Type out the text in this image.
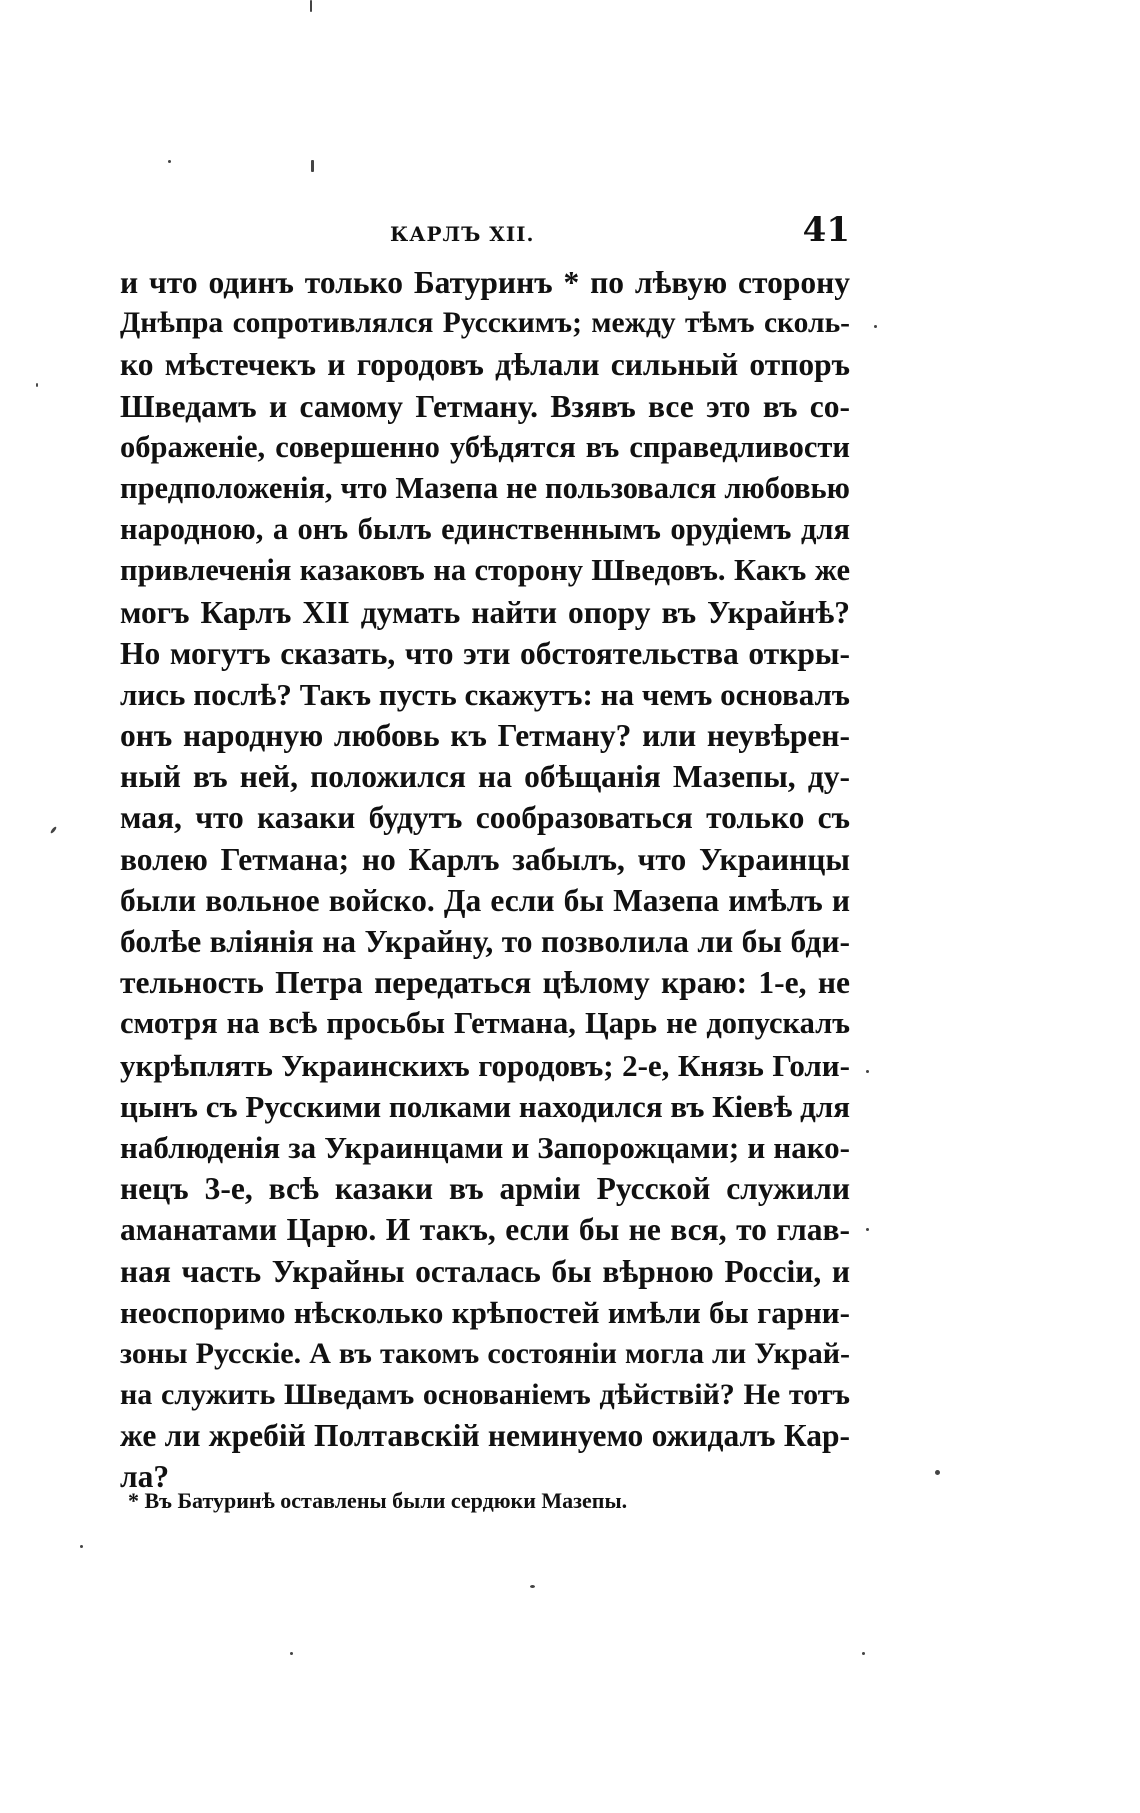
КАРЛЪ XII.	41
и что одинъ только Батуринъ * по лѣвую сторону
Днѣпра сопротивлялся Русскимъ; между тѣмъ сколь-
ко мѣстечекъ и городовъ дѣлали сильный отпоръ
Шведамъ и самому Гетману. Взявъ все это въ со-
ображеніе, совершенно убѣдятся въ справедливости
предположенія, что Мазепа не пользовался любовью
народною, а онъ былъ единственнымъ орудіемъ для
привлеченія казаковъ на сторону Шведовъ. Какъ же
могъ Карлъ XII думать найти опору въ Украйнѣ?
Но могутъ сказать, что эти обстоятельства откры-
лись послѣ? Такъ пусть скажутъ: на чемъ основалъ
онъ народную любовь къ Гетману? или неувѣрен-
ный въ ней, положился на обѣщанія Мазепы, ду-
мая, что казаки будутъ сообразоваться только съ
волею Гетмана; но Карлъ забылъ, что Украинцы
были вольное войско. Да если бы Мазепа имѣлъ и
болѣе вліянія на Украйну, то позволила ли бы бди-
тельность Петра передаться цѣлому краю: 1-е, не
смотря на всѣ просьбы Гетмана, Царь не допускалъ
укрѣплять Украинскихъ городовъ; 2-е, Князь Голи-
цынъ съ Русскими полками находился въ Кіевѣ для
наблюденія за Украинцами и Запорожцами; и нако-
нецъ 3-е, всѣ казаки въ арміи Русской служили
аманатами Царю. И такъ, если бы не вся, то глав-
ная часть Украйны осталась бы вѣрною Россіи, и
неоспоримо нѣсколько крѣпостей имѣли бы гарни-
зоны Русскіе. А въ такомъ состояніи могла ли Украй-
на служить Шведамъ основаніемъ дѣйствій? Не тотъ
же ли жребій Полтавскій неминуемо ожидалъ Кар-
ла?
* Въ Батуринѣ оставлены были сердюки Мазепы.
